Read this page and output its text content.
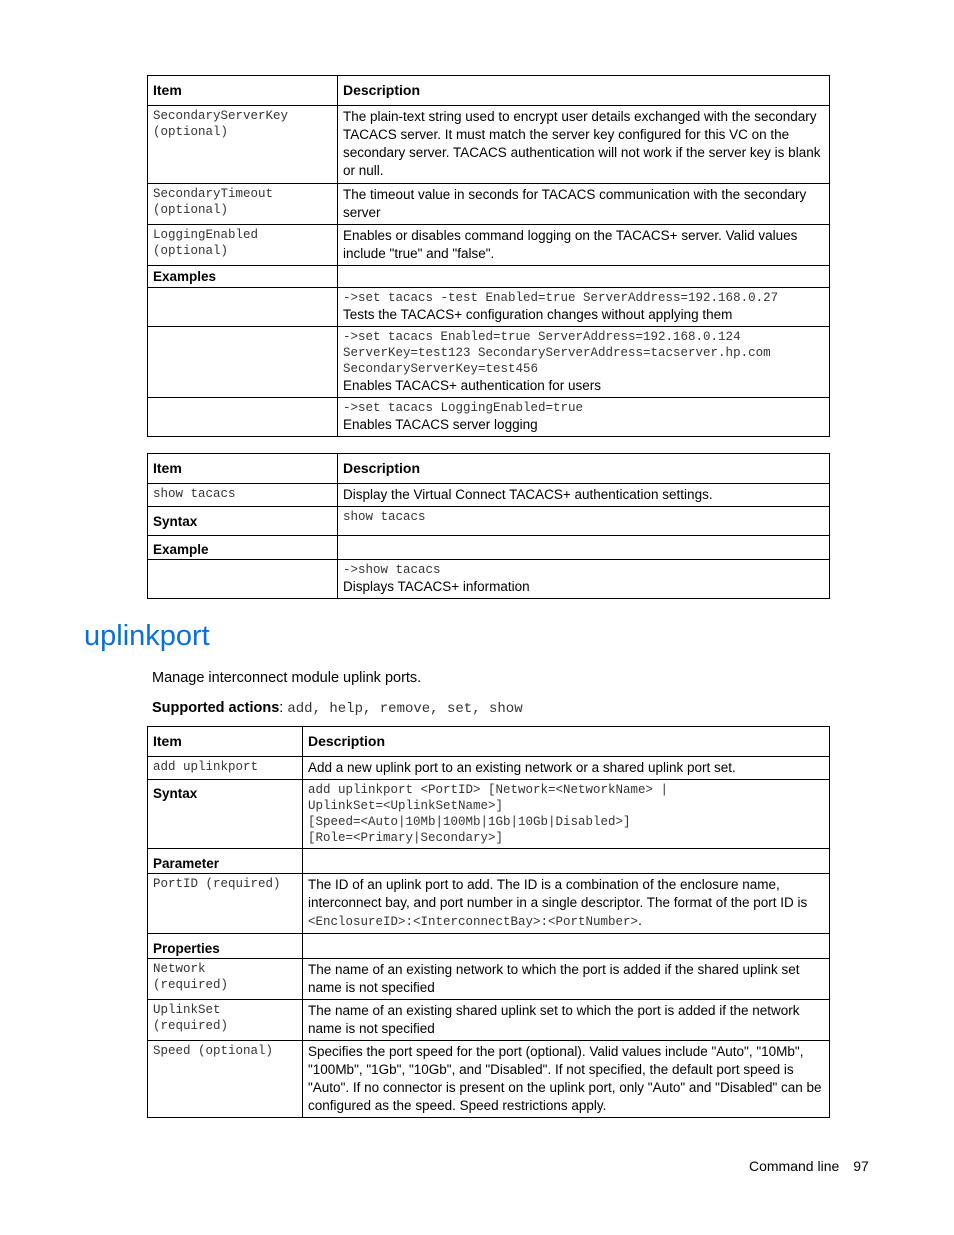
Item	Description

SecondaryServerKey
(optional)	The plain-text string used to encrypt user details exchanged with the secondary TACACS server. It must match the server key configured for this VC on the secondary server. TACACS authentication will not work if the server key is blank or null.

SecondaryTimeout
(optional)	The timeout value in seconds for TACACS communication with the secondary server

LoggingEnabled
(optional)	Enables or disables command logging on the TACACS+ server. Valid values include "true" and "false".
Examples	

	->set tacacs -test Enabled=true ServerAddress=192.168.0.27
Tests the TACACS+ configuration changes without applying them

	->set tacacs Enabled=true ServerAddress=192.168.0.124
ServerKey=test123 SecondaryServerAddress=tacserver.hp.com
SecondaryServerKey=test456
Enables TACACS+ authentication for users

	->set tacacs LoggingEnabled=true
Enables TACACS server logging
Item	Description

show tacacs	Display the Virtual Connect TACACS+ authentication settings.
Syntax	show tacacs

Example	

	->show tacacs
Displays TACACS+ information
uplinkport
Manage interconnect module uplink ports.
Supported actions: add, help, remove, set, show
Item	Description

add uplinkport	Add a new uplink port to an existing network or a shared uplink port set.
Syntax	add uplinkport <PortID> [Network=<NetworkName> |
UplinkSet=<UplinkSetName>]
[Speed=<Auto|10Mb|100Mb|1Gb|10Gb|Disabled>]
[Role=<Primary|Secondary>]

Parameter	

PortID (required)	The ID of an uplink port to add. The ID is a combination of the enclosure name, interconnect bay, and port number in a single descriptor. The format of the port ID is <EnclosureID>:<InterconnectBay>:<PortNumber>.
Properties	

Network
(required)	The name of an existing network to which the port is added if the shared uplink set name is not specified

UplinkSet
(required)	The name of an existing shared uplink set to which the port is added if the network name is not specified

Speed (optional)	Specifies the port speed for the port (optional). Valid values include "Auto", "10Mb", "100Mb", "1Gb", "10Gb", and "Disabled". If not specified, the default port speed is "Auto". If no connector is present on the uplink port, only "Auto" and "Disabled" can be configured as the speed. Speed restrictions apply.
Command line 97
